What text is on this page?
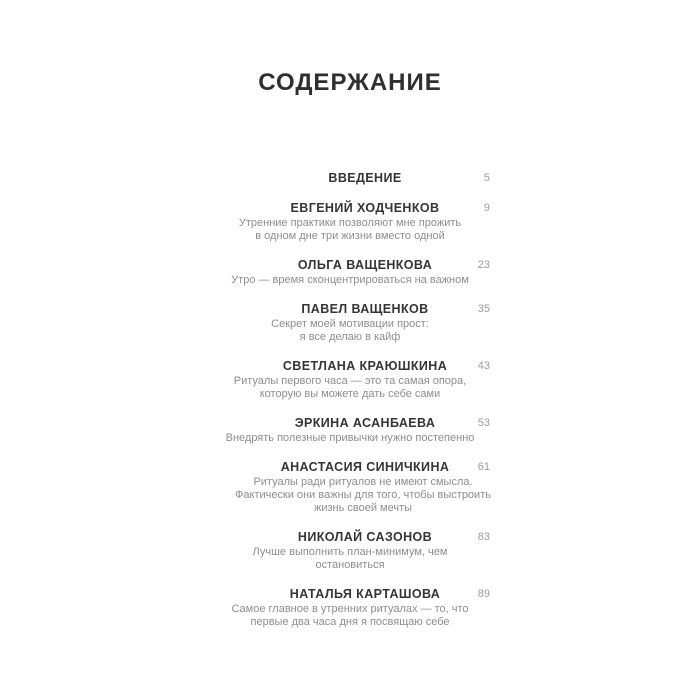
СОДЕРЖАНИЕ
ВВЕДЕНИЕ	5
ЕВГЕНИЙ ХОДЧЕНКОВ	9
Утренние практики позволяют мне прожить
в одном дне три жизни вместо одной
ОЛЬГА ВАЩЕНКОВА	23
Утро — время сконцентрироваться на важном
ПАВЕЛ ВАЩЕНКОВ	35
Секрет моей мотивации прост:
я все делаю в кайф
СВЕТЛАНА КРАЮШКИНА	43
Ритуалы первого часа — это та самая опора,
которую вы можете дать себе сами
ЭРКИНА АСАНБАЕВА	53
Внедрять полезные привычки нужно постепенно
АНАСТАСИЯ СИНИЧКИНА	61
Ритуалы ради ритуалов не имеют смысла.
Фактически они важны для того, чтобы выстроить
жизнь своей мечты
НИКОЛАЙ САЗОНОВ	83
Лучше выполнить план-минимум, чем
остановиться
НАТАЛЬЯ КАРТАШОВА	89
Самое главное в утренних ритуалах — то, что
первые два часа дня я посвящаю себе
